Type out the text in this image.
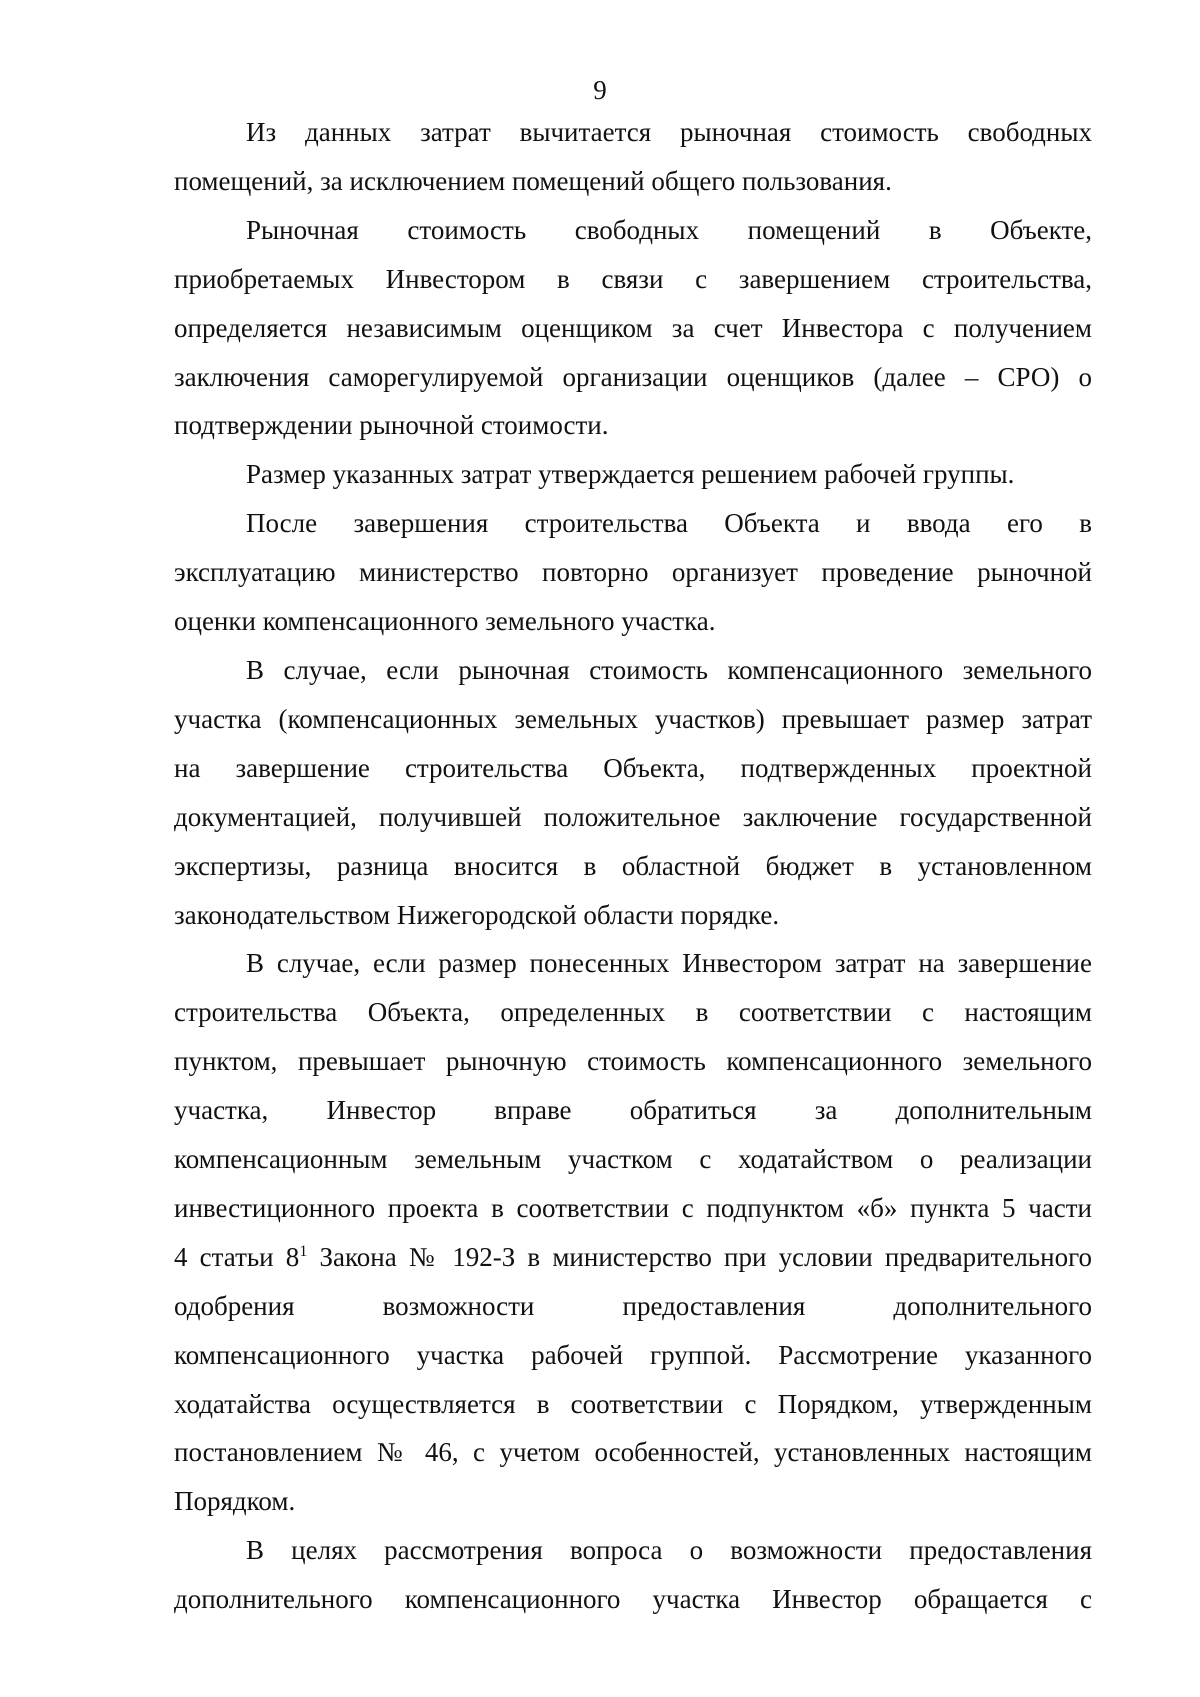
9
Из данных затрат вычитается рыночная стоимость свободных
помещений, за исключением помещений общего пользования.
Рыночная стоимость свободных помещений в Объекте,
приобретаемых Инвестором в связи с завершением строительства,
определяется независимым оценщиком за счет Инвестора с получением
заключения саморегулируемой организации оценщиков (далее – СРО) о
подтверждении рыночной стоимости.
Размер указанных затрат утверждается решением рабочей группы.
После завершения строительства Объекта и ввода его в
эксплуатацию министерство повторно организует проведение рыночной
оценки компенсационного земельного участка.
В случае, если рыночная стоимость компенсационного земельного
участка (компенсационных земельных участков) превышает размер затрат
на завершение строительства Объекта, подтвержденных проектной
документацией, получившей положительное заключение государственной
экспертизы, разница вносится в областной бюджет в установленном
законодательством Нижегородской области порядке.
В случае, если размер понесенных Инвестором затрат на завершение
строительства Объекта, определенных в соответствии с настоящим
пунктом, превышает рыночную стоимость компенсационного земельного
участка, Инвестор вправе обратиться за дополнительным
компенсационным земельным участком с ходатайством о реализации
инвестиционного проекта в соответствии с подпунктом «б» пункта 5 части
4 статьи $8^1$ Закона № 192-З в министерство при условии предварительного
одобрения возможности предоставления дополнительного
компенсационного участка рабочей группой. Рассмотрение указанного
ходатайства осуществляется в соответствии с Порядком, утвержденным
постановлением № 46, с учетом особенностей, установленных настоящим
Порядком.
В целях рассмотрения вопроса о возможности предоставления
дополнительного компенсационного участка Инвестор обращается с
